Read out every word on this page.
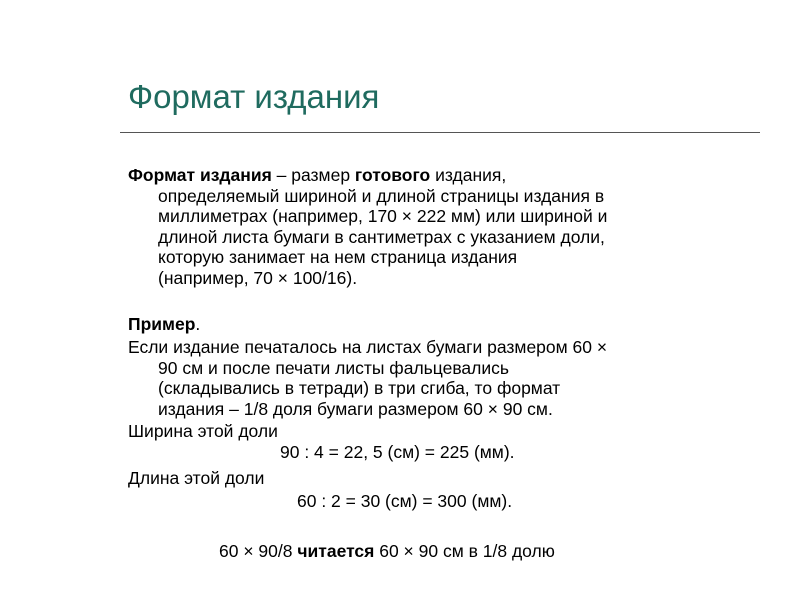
Формат издания
Формат издания – размер готового издания,
определяемый шириной и длиной страницы издания в
миллиметрах (например, 170 × 222 мм) или шириной и
длиной листа бумаги в сантиметрах с указанием доли,
которую занимает на нем страница издания
(например, 70 × 100/16).
Пример.
Если издание печаталось на листах бумаги размером 60 ×
90 см и после печати листы фальцевались
(складывались в тетради) в три сгиба, то формат
издания – 1/8 доля бумаги размером 60 × 90 см.
Ширина этой доли
90 : 4 = 22, 5 (см) = 225 (мм).
Длина этой доли
60 : 2 = 30 (см) = 300 (мм).
60 × 90/8 читается 60 × 90 см в 1/8 долю
